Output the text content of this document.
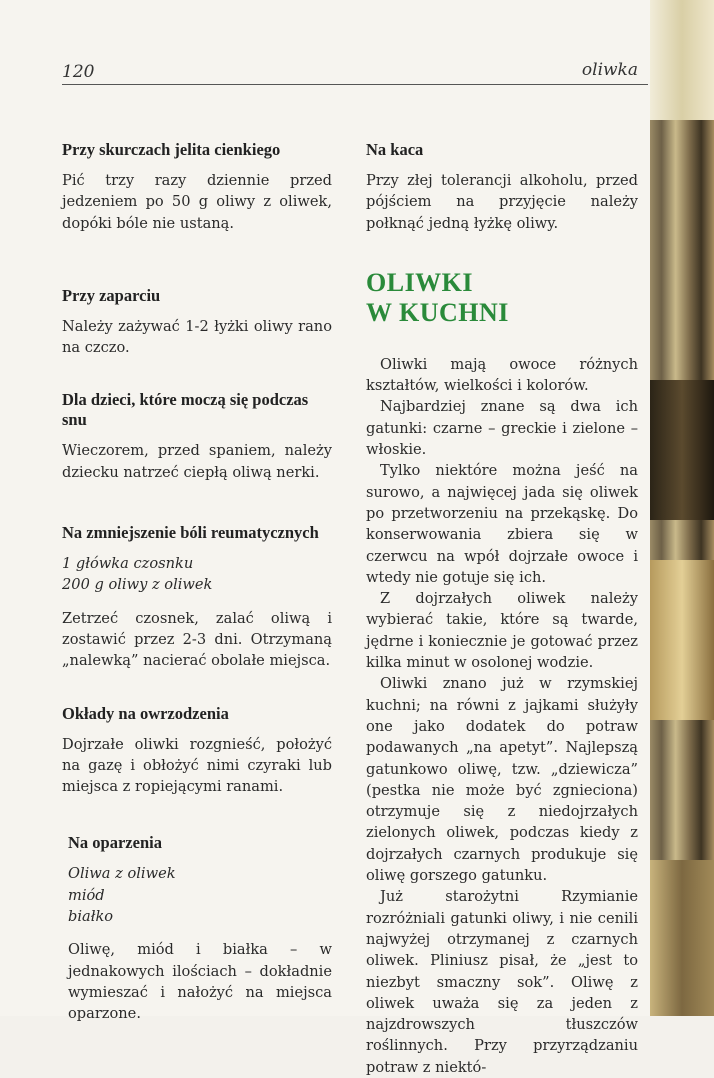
120	oliwka
Przy skurczach jelita cienkiego

Pić trzy razy dziennie przed jedzeniem po 50 g oliwy z oliwek, dopóki bóle nie ustaną.

Przy zaparciu

Należy zażywać 1-2 łyżki oliwy rano na czczo.

Dla dzieci, które moczą się podczas snu

Wieczorem, przed spaniem, należy dziecku natrzeć ciepłą oliwą nerki.

Na zmniejszenie bóli reumatycznych

1 główka czosnku

200 g oliwy z oliwek

Zetrzeć czosnek, zalać oliwą i zostawić przez 2-3 dni. Otrzymaną „nalewką” nacierać obolałe miejsca.

Okłady na owrzodzenia

Dojrzałe oliwki rozgnieść, położyć na gazę i obłożyć nimi czyraki lub miejsca z ropiejącymi ranami.

Na oparzenia

Oliwa z oliwek

miód

białko

Oliwę, miód i białka – w jednakowych ilościach – dokładnie wymieszać i nałożyć na miejsca oparzone.

Na kaca

Przy złej tolerancji alkoholu, przed pójściem na przyjęcie należy połknąć jedną łyżkę oliwy.

OLIWKI
W KUCHNI

Oliwki mają owoce różnych kształtów, wielkości i kolorów.

Najbardziej znane są dwa ich gatunki: czarne – greckie i zielone – włoskie.

Tylko niektóre można jeść na surowo, a najwięcej jada się oliwek po przetworzeniu na przekąskę. Do konserwowania zbiera się w czerwcu na wpół dojrzałe owoce i wtedy nie gotuje się ich.

Z dojrzałych oliwek należy wybierać takie, które są twarde, jędrne i koniecznie je gotować przez kilka minut w osolonej wodzie.

Oliwki znano już w rzymskiej kuchni; na równi z jajkami służyły one jako dodatek do potraw podawanych „na apetyt”. Najlepszą gatunkowo oliwę, tzw. „dziewicza” (pestka nie może być zgnieciona) otrzymuje się z niedojrzałych zielonych oliwek, podczas kiedy z dojrzałych czarnych produkuje się oliwę gorszego gatunku.

Już starożytni Rzymianie rozróżniali gatunki oliwy, i nie cenili najwyżej otrzymanej z czarnych oliwek. Pliniusz pisał, że „jest to niezbyt smaczny sok”. Oliwę z oliwek uważa się za jeden z najzdrowszych tłuszczów roślinnych. Przy przyrządzaniu potraw z niektó-
